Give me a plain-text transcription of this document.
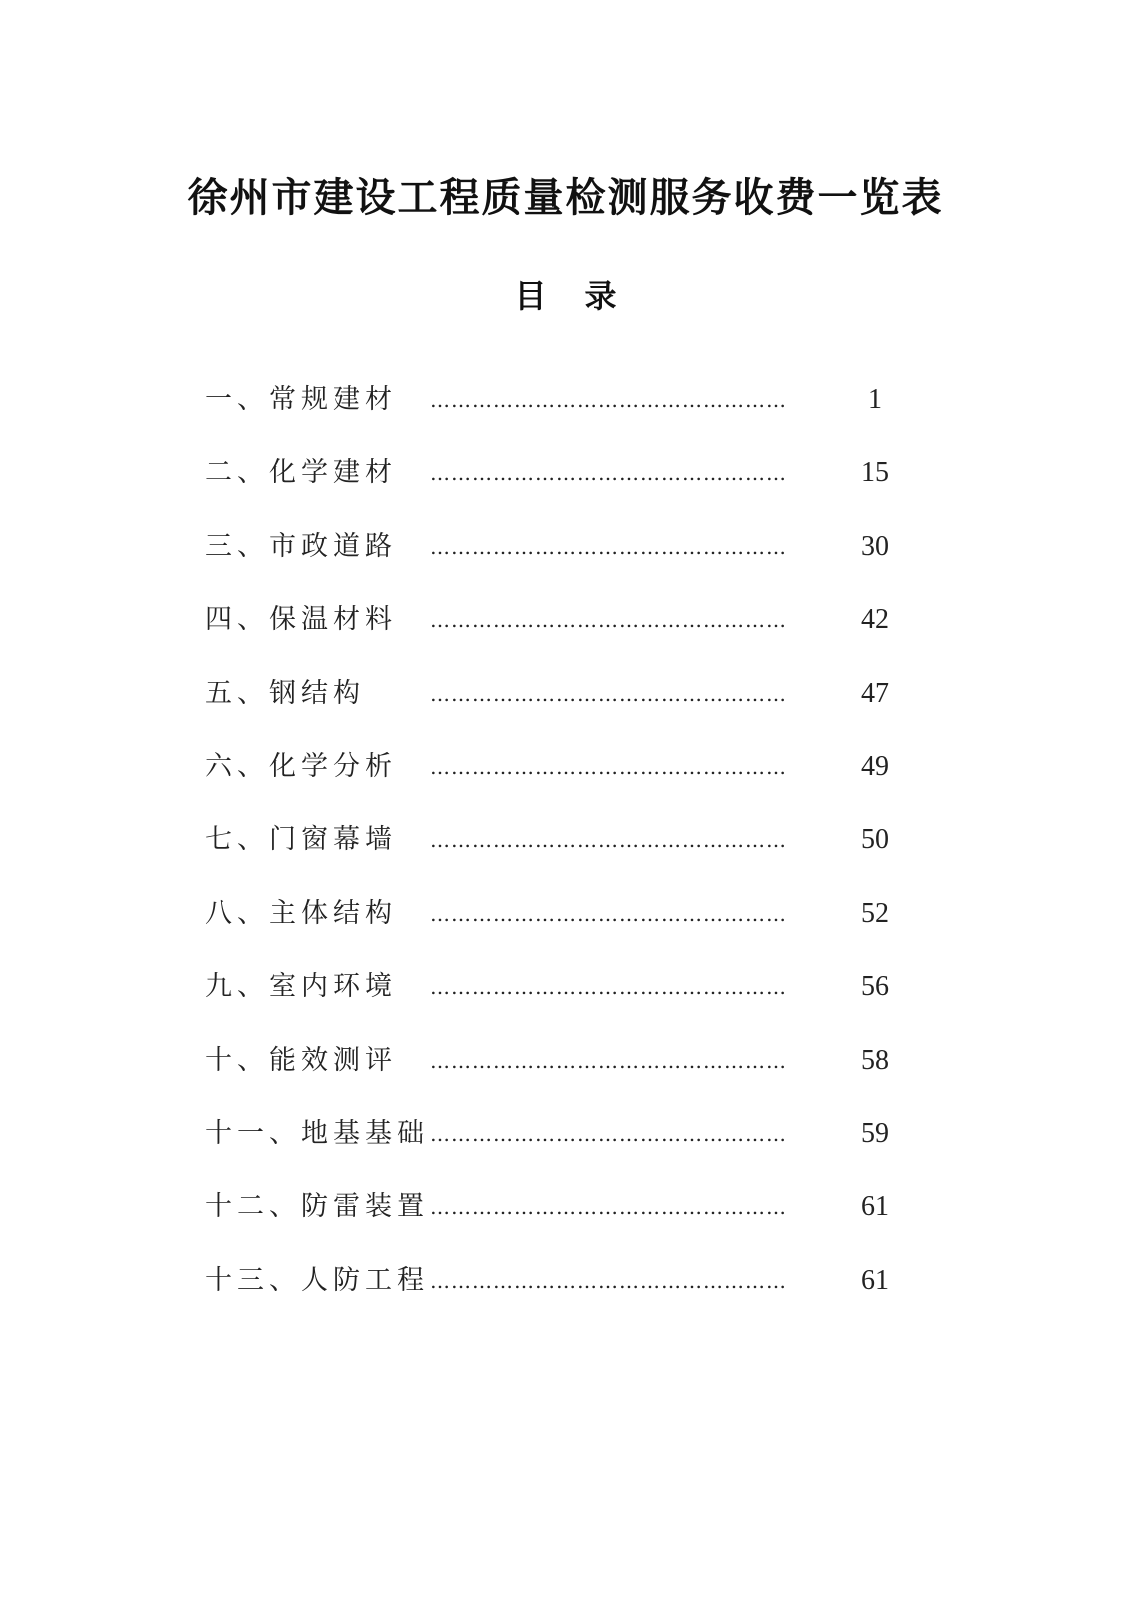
徐州市建设工程质量检测服务收费一览表
目 录
一、常规建材 ……………………………………………	1
二、化学建材 ……………………………………………	15
三、市政道路 ……………………………………………	30
四、保温材料 ……………………………………………	42
五、钢结构	……………………………………………	47
六、化学分析 ……………………………………………	49
七、门窗幕墙 ……………………………………………	50
八、主体结构 ……………………………………………	52
九、室内环境 ……………………………………………	56
十、能效测评 ……………………………………………	58
十一、地基基础 ……………………………………………	59
十二、防雷装置 ……………………………………………	61
十三、人防工程 ……………………………………………	61
